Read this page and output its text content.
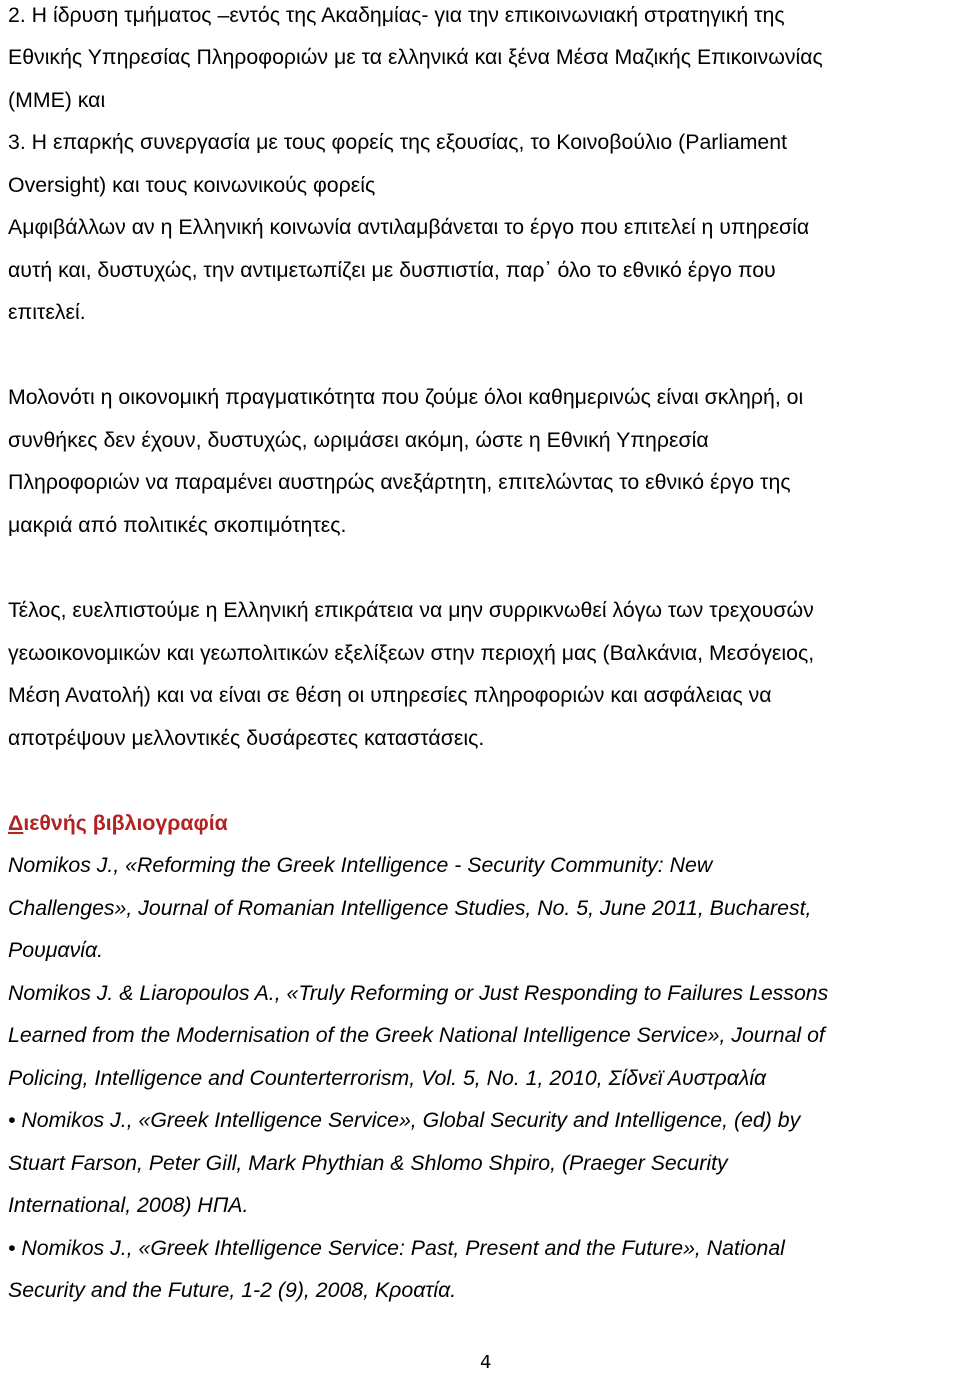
2. Η ίδρυση τμήματος –εντός της Ακαδημίας- για την επικοινωνιακή στρατηγική της
Εθνικής Υπηρεσίας Πληροφοριών με τα ελληνικά και ξένα Μέσα Μαζικής Επικοινωνίας
(ΜΜΕ) και
3. Η επαρκής συνεργασία με τους φορείς της εξουσίας, το Κοινοβούλιο (Parliament
Oversight) και τους κοινωνικούς φορείς
Αμφιβάλλων αν η Ελληνική κοινωνία αντιλαμβάνεται το έργο που επιτελεί η υπηρεσία
αυτή και, δυστυχώς, την αντιμετωπίζει με δυσπιστία, παρ᾽ όλο το εθνικό έργο που
επιτελεί.
Μολονότι η οικονομική πραγματικότητα που ζούμε όλοι καθημερινώς είναι σκληρή, οι
συνθήκες δεν έχουν, δυστυχώς, ωριμάσει ακόμη, ώστε η Εθνική Υπηρεσία
Πληροφοριών να παραμένει αυστηρώς ανεξάρτητη, επιτελώντας το εθνικό έργο της
μακριά από πολιτικές σκοπιμότητες.
Τέλος, ευελπιστούμε η Ελληνική επικράτεια να μην συρρικνωθεί λόγω των τρεχουσών
γεωοικονομικών και γεωπολιτικών εξελίξεων στην περιοχή μας (Βαλκάνια, Μεσόγειος,
Μέση Ανατολή) και να είναι σε θέση οι υπηρεσίες πληροφοριών και ασφάλειας να
αποτρέψουν μελλοντικές δυσάρεστες καταστάσεις.
Διεθνής βιβλιογραφία
Nomikos J., «Reforming the Greek Intelligence - Security Community: New
Challenges», Journal of Romanian Intelligence Studies, No. 5, June 2011, Bucharest,
Ρουμανία.
Nomikos J. & Liaropoulos A., «Truly Reforming or Just Responding to Failures Lessons
Learned from the Modernisation of the Greek National Intelligence Service», Journal of
Policing, Intelligence and Counterterrorism, Vol. 5, No. 1, 2010, Σίδνεϊ Αυστραλία
• Nomikos J., «Greek Intelligence Service», Global Security and Intelligence, (ed) by
Stuart Farson, Peter Gill, Mark Phythian & Shlomo Shpiro, (Praeger Security
International, 2008) ΗΠΑ.
• Nomikos J., «Greek Ihtelligence Service: Past, Present and the Future», National
Security and the Future, 1-2 (9), 2008, Κροατία.
4
